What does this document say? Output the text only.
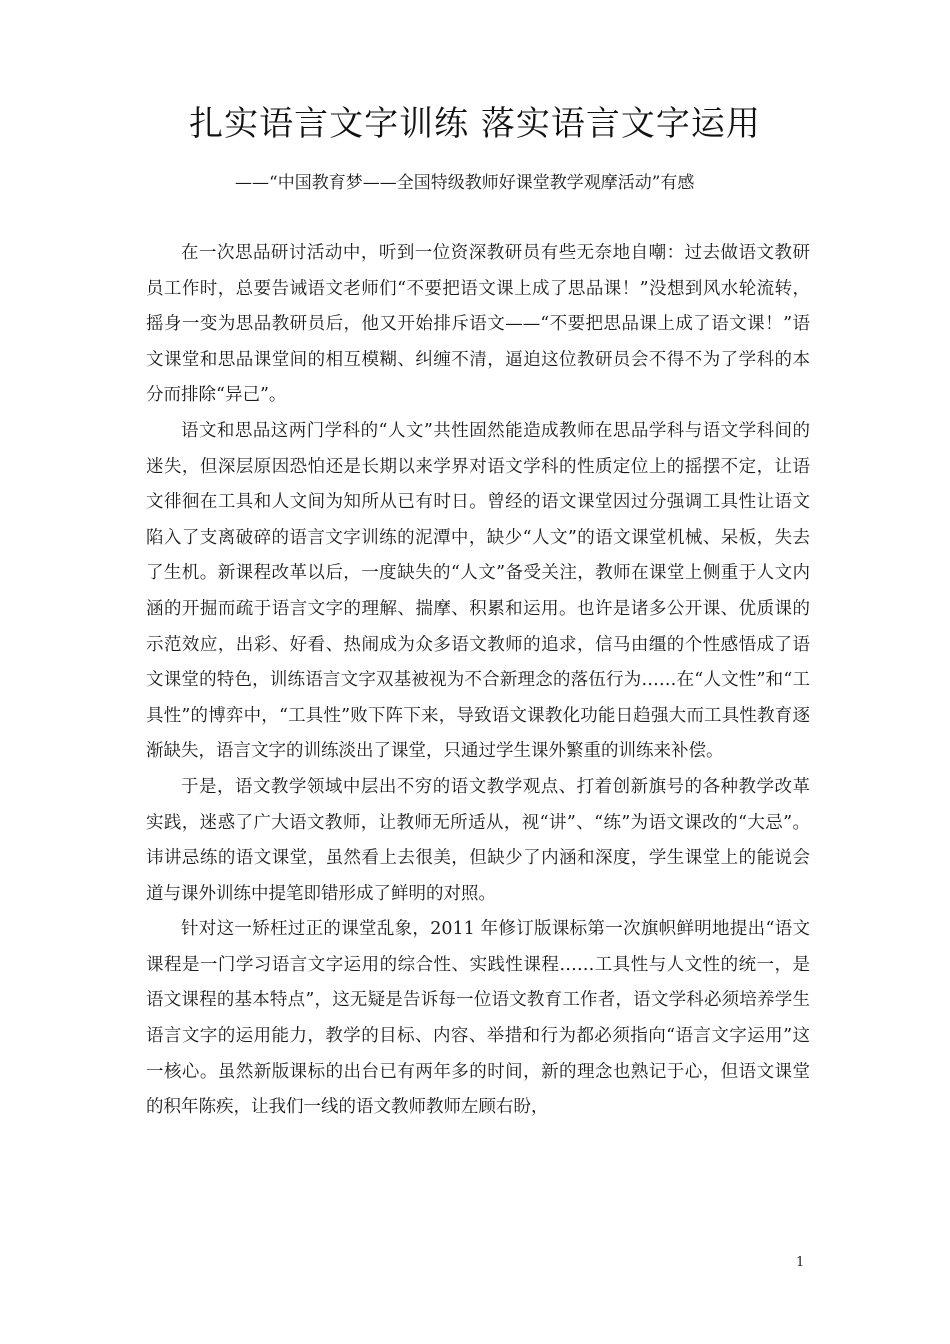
扎实语言文字训练 落实语言文字运用
——“中国教育梦——全国特级教师好课堂教学观摩活动”有感

在一次思品研讨活动中，听到一位资深教研员有些无奈地自嘲：过去做语文教研员工作时，总要告诫语文老师们“不要把语文课上成了思品课！”没想到风水轮流转，摇身一变为思品教研员后，他又开始排斥语文——“不要把思品课上成了语文课！”语文课堂和思品课堂间的相互模糊、纠缠不清，逼迫这位教研员会不得不为了学科的本分而排除“异己”。

语文和思品这两门学科的“人文”共性固然能造成教师在思品学科与语文学科间的迷失，但深层原因恐怕还是长期以来学界对语文学科的性质定位上的摇摆不定，让语文徘徊在工具和人文间为知所从已有时日。曾经的语文课堂因过分强调工具性让语文陷入了支离破碎的语言文字训练的泥潭中，缺少“人文”的语文课堂机械、呆板，失去了生机。新课程改革以后，一度缺失的“人文”备受关注，教师在课堂上侧重于人文内涵的开掘而疏于语言文字的理解、揣摩、积累和运用。也许是诸多公开课、优质课的示范效应，出彩、好看、热闹成为众多语文教师的追求，信马由缰的个性感悟成了语文课堂的特色，训练语言文字双基被视为不合新理念的落伍行为……在“人文性”和“工具性”的博弈中，“工具性”败下阵下来，导致语文课教化功能日趋强大而工具性教育逐渐缺失，语言文字的训练淡出了课堂，只通过学生课外繁重的训练来补偿。

于是，语文教学领域中层出不穷的语文教学观点、打着创新旗号的各种教学改革实践，迷惑了广大语文教师，让教师无所适从，视“讲”、“练”为语文课改的“大忌”。讳讲忌练的语文课堂，虽然看上去很美，但缺少了内涵和深度，学生课堂上的能说会道与课外训练中提笔即错形成了鲜明的对照。

针对这一矫枉过正的课堂乱象，2011 年修订版课标第一次旗帜鲜明地提出“语文课程是一门学习语言文字运用的综合性、实践性课程……工具性与人文性的统一，是语文课程的基本特点”，这无疑是告诉每一位语文教育工作者，语文学科必须培养学生语言文字的运用能力，教学的目标、内容、举措和行为都必须指向“语言文字运用”这一核心。虽然新版课标的出台已有两年多的时间，新的理念也熟记于心，但语文课堂的积年陈疾，让我们一线的语文教师教师左顾右盼，

1
